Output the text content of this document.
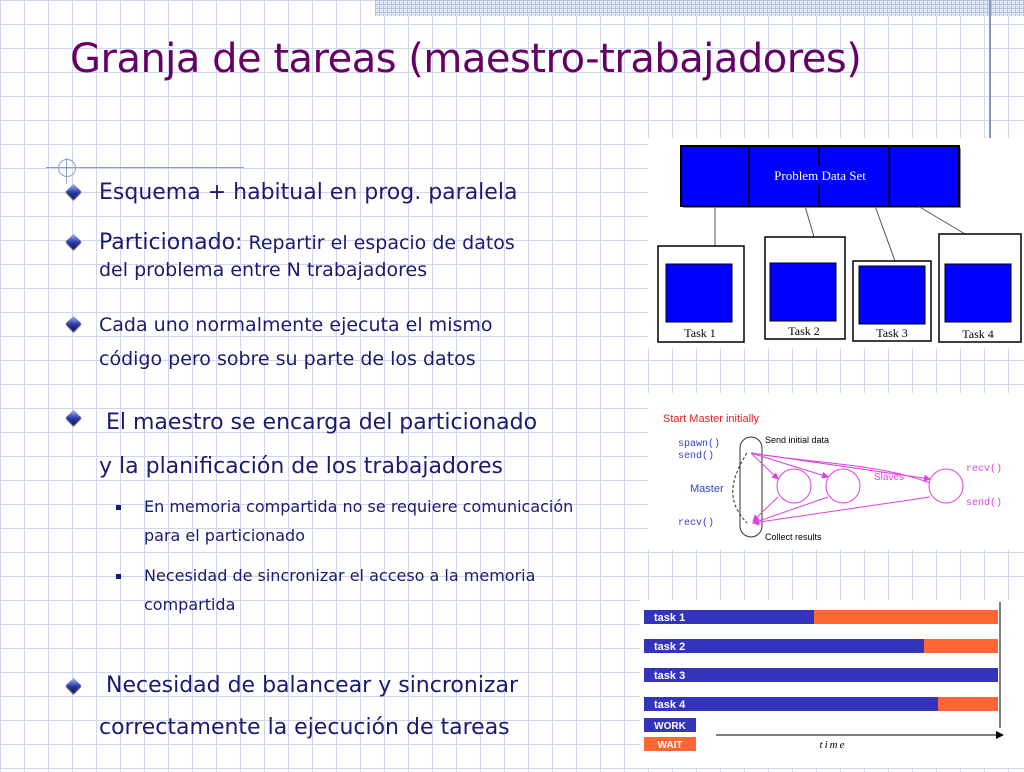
Granja de tareas (maestro-trabajadores)
Esquema + habitual en prog. paralela
Particionado: Repartir el espacio de datos
del problema entre N trabajadores
Cada uno normalmente ejecuta el mismo
código pero sobre su parte de los datos
El maestro se encarga del particionado
y la planificación de los trabajadores
En memoria compartida no se requiere comunicación
para el particionado
Necesidad de sincronizar el acceso a la memoria
compartida
Necesidad de balancear y sincronizar
correctamente la ejecución de tareas
Problem Data Set
Task 1	Task 2	Task 3	Task 4
Start Master initially
Send initial data
Collect results
spawn()
send()
Master
recv()
Slaves
recv()
send()
WORK
WAIT	time
task 1
task 2
task 3
task 4
